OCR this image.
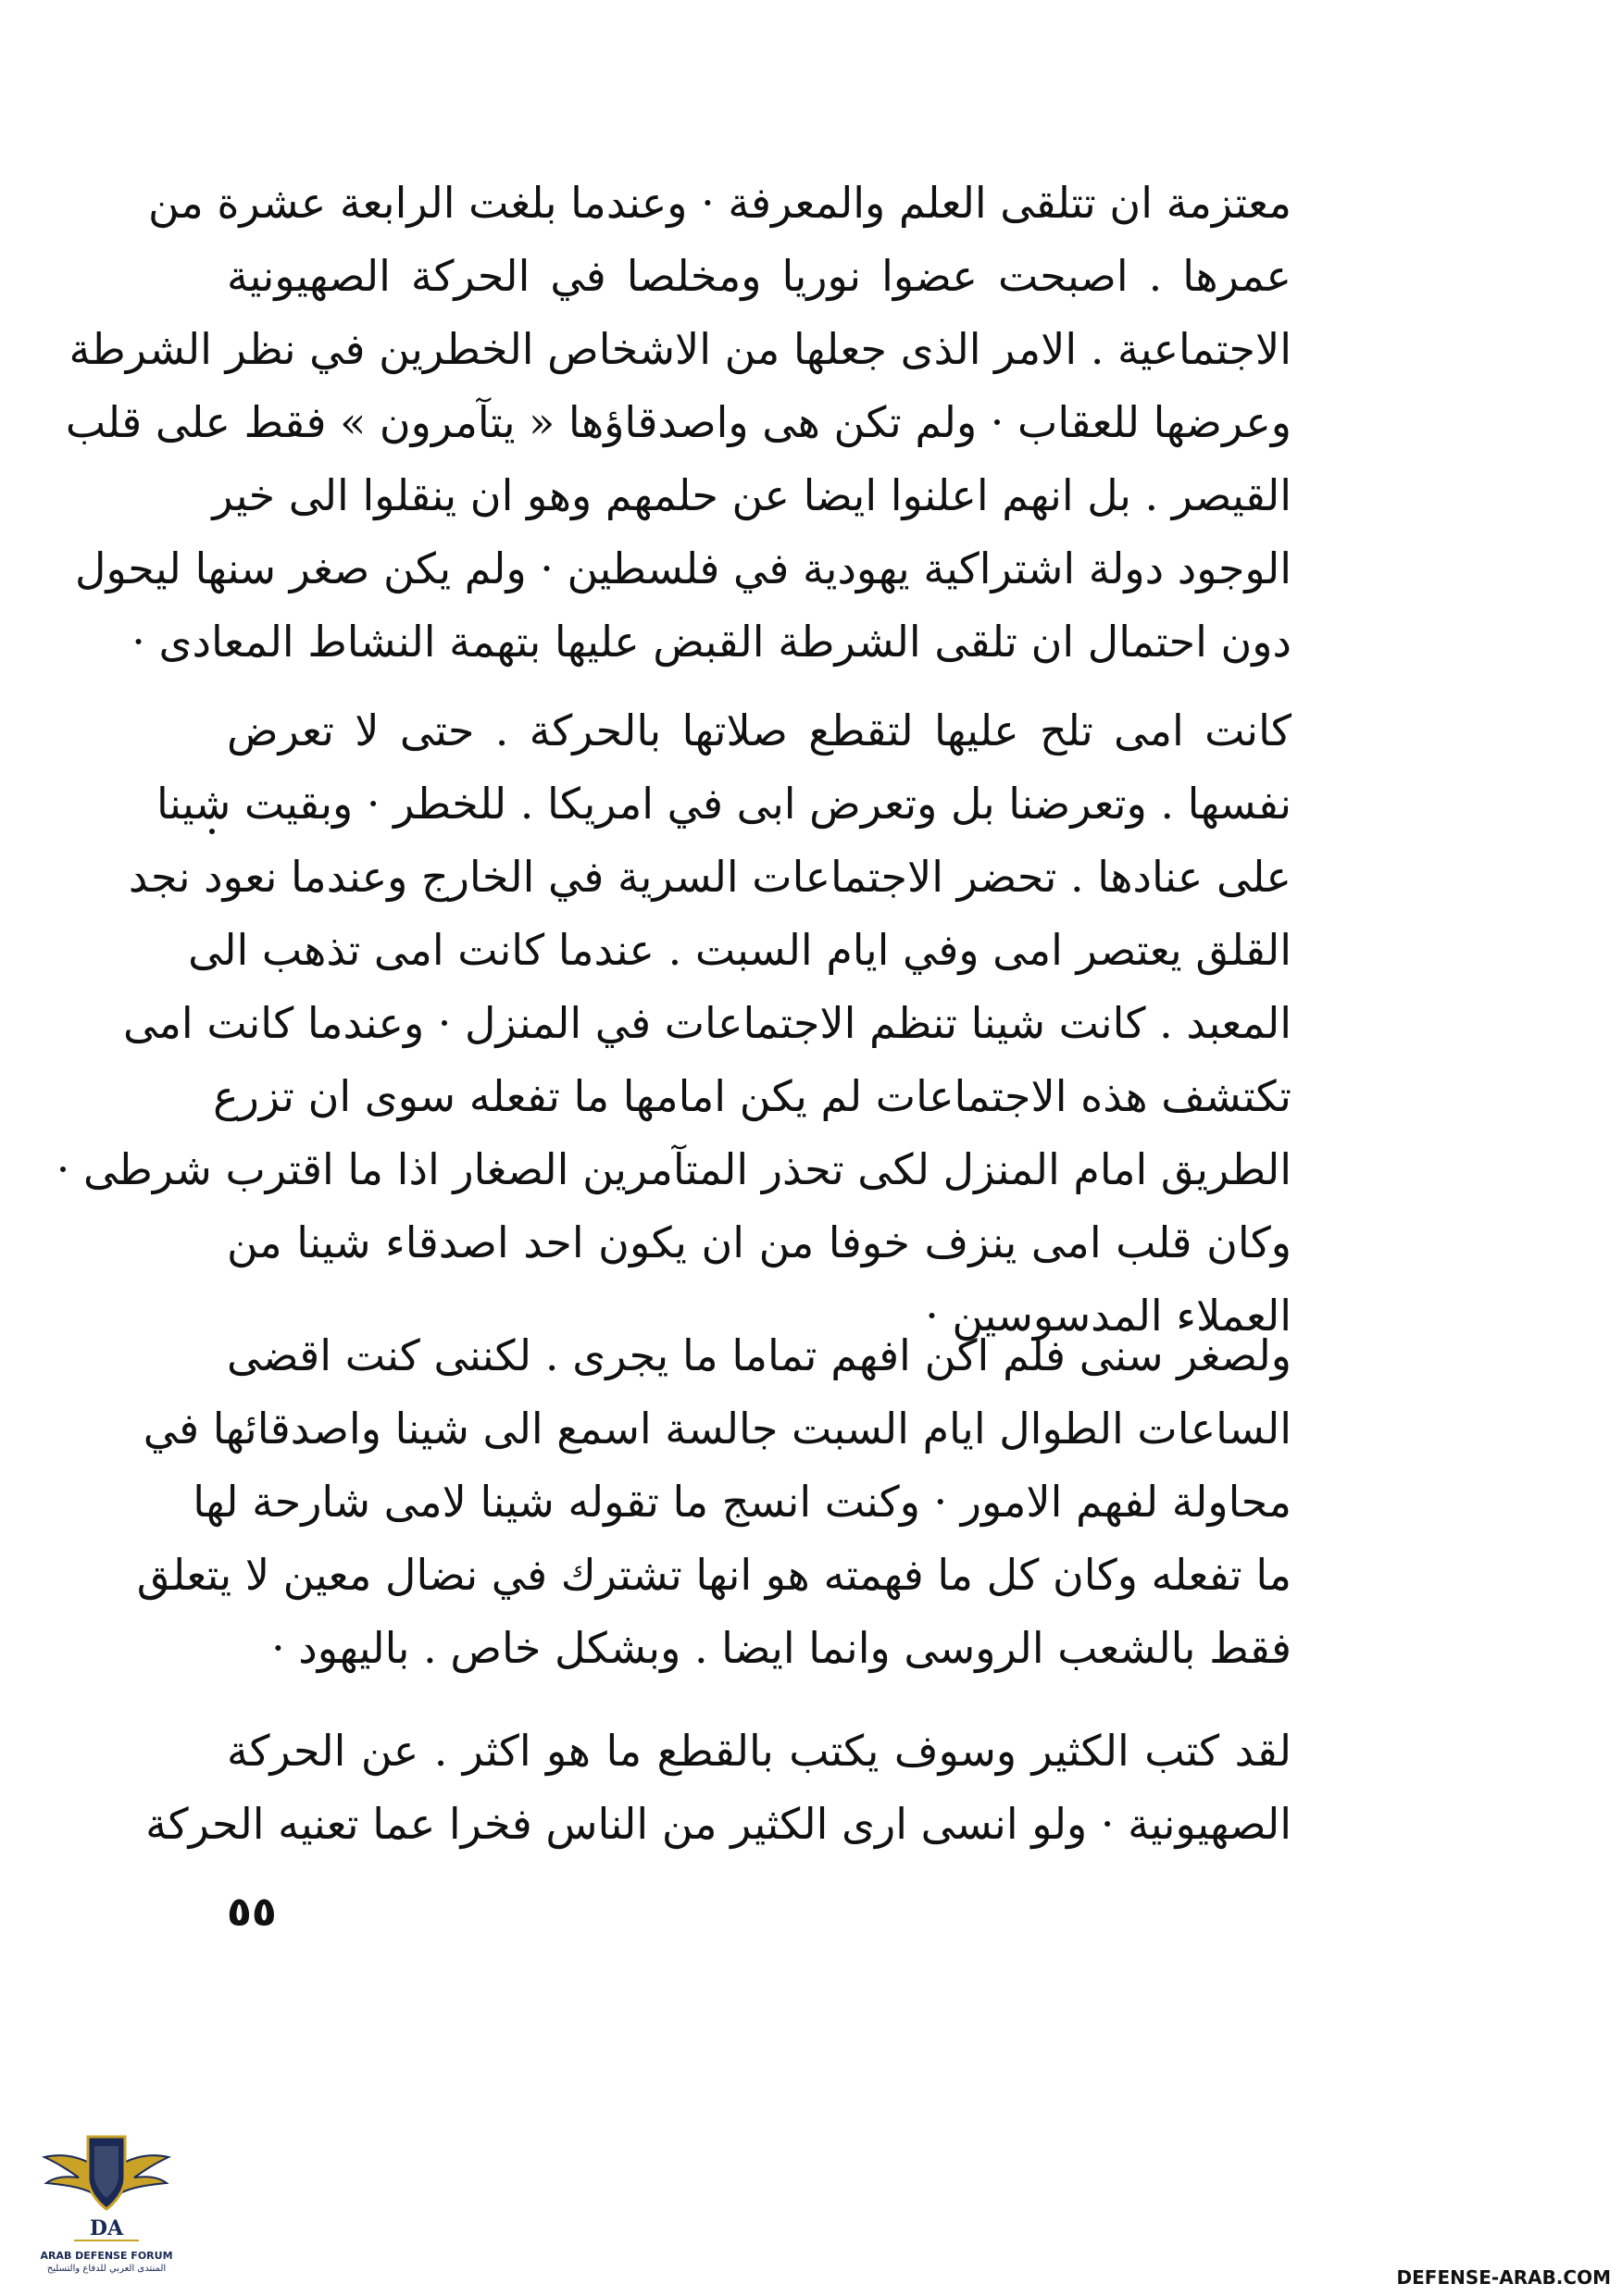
معتزمة ان تتلقى العلم والمعرفة · وعندما بلغت الرابعة عشرة من
عمرها . اصبحت عضوا نوريا ومخلصا في الحركة الصهيونية
الاجتماعية . الامر الذى جعلها من الاشخاص الخطرين في نظر الشرطة
وعرضها للعقاب · ولم تكن هى واصدقاؤها « يتآمرون » فقط على قلب
القيصر . بل انهم اعلنوا ايضا عن حلمهم وهو ان ينقلوا الى خير
الوجود دولة اشتراكية يهودية في فلسطين · ولم يكن صغر سنها ليحول
دون احتمال ان تلقى الشرطة القبض عليها بتهمة النشاط المعادى ·
كانت امى تلح عليها لتقطع صلاتها بالحركة . حتى لا تعرض
نفسها . وتعرضنا بل وتعرض ابى في امريكا . للخطر · وبقيت شينا
على عنادها . تحضر الاجتماعات السرية في الخارج وعندما نعود نجد
القلق يعتصر امى وفي ايام السبت . عندما كانت امى تذهب الى
المعبد . كانت شينا تنظم الاجتماعات في المنزل · وعندما كانت امى
تكتشف هذه الاجتماعات لم يكن امامها ما تفعله سوى ان تزرع
الطريق امام المنزل لكى تحذر المتآمرين الصغار اذا ما اقترب شرطى ·
وكان قلب امى ينزف خوفا من ان يكون احد اصدقاء شينا من
العملاء المدسوسين ·
ولصغر سنى فلم اكن افهم تماما ما يجرى . لكننى كنت اقضى
الساعات الطوال ايام السبت جالسة اسمع الى شينا واصدقائها في
محاولة لفهم الامور · وكنت انسج ما تقوله شينا لامى شارحة لها
ما تفعله وكان كل ما فهمته هو انها تشترك في نضال معين لا يتعلق
فقط بالشعب الروسى وانما ايضا . وبشكل خاص . باليهود ·
لقد كتب الكثير وسوف يكتب بالقطع ما هو اكثر . عن الحركة
الصهيونية · ولو انسى ارى الكثير من الناس فخرا عما تعنيه الحركة
٥٥
DA
ARAB DEFENSE FORUM
المنتدى العربي للدفاع والتسليح	DEFENSE-ARAB.COM
